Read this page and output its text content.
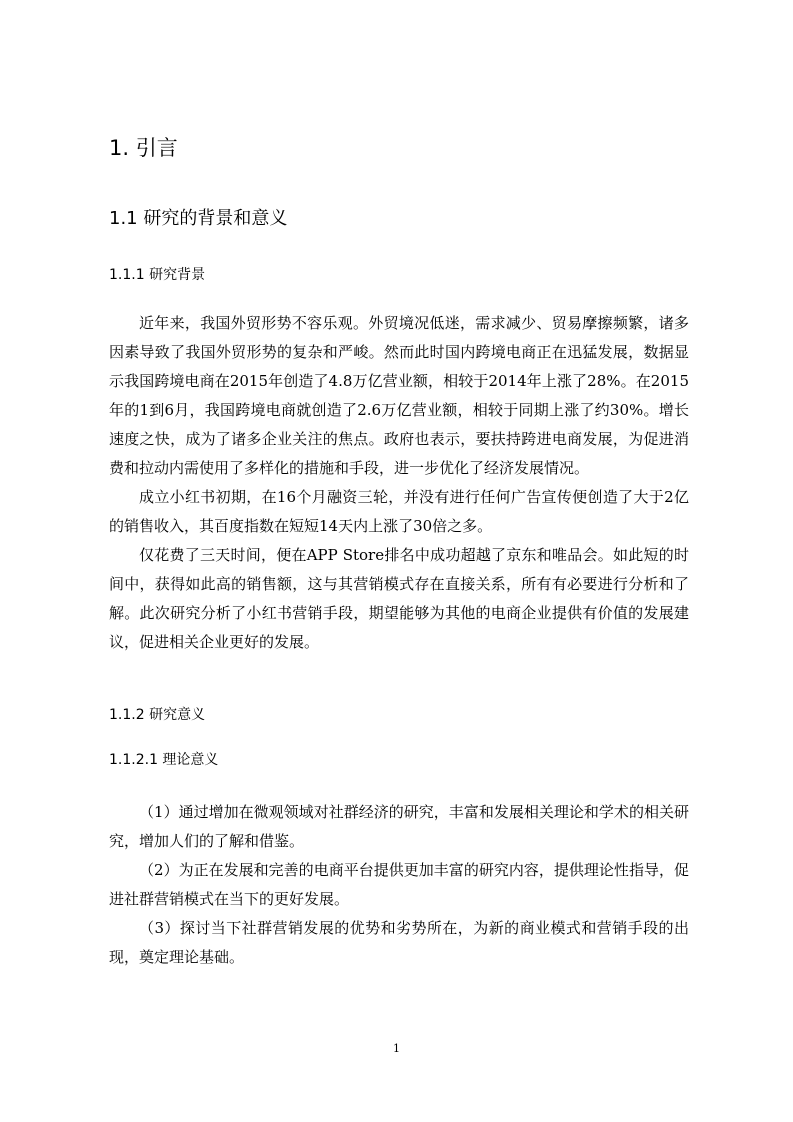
1. 引言
1.1 研究的背景和意义
1.1.1 研究背景

近年来，我国外贸形势不容乐观。外贸境况低迷，需求减少、贸易摩擦频繁，诸多因素导致了我国外贸形势的复杂和严峻。然而此时国内跨境电商正在迅猛发展，数据显示我国跨境电商在2015年创造了4.8万亿营业额，相较于2014年上涨了28%。在2015年的1到6月，我国跨境电商就创造了2.6万亿营业额，相较于同期上涨了约30%。增长速度之快，成为了诸多企业关注的焦点。政府也表示，要扶持跨进电商发展，为促进消费和拉动内需使用了多样化的措施和手段，进一步优化了经济发展情况。

成立小红书初期，在16个月融资三轮，并没有进行任何广告宣传便创造了大于2亿的销售收入，其百度指数在短短14天内上涨了30倍之多。

仅花费了三天时间，便在APP Store排名中成功超越了京东和唯品会。如此短的时间中，获得如此高的销售额，这与其营销模式存在直接关系，所有有必要进行分析和了解。此次研究分析了小红书营销手段，期望能够为其他的电商企业提供有价值的发展建议，促进相关企业更好的发展。

1.1.2 研究意义
1.1.2.1 理论意义

（1）通过增加在微观领域对社群经济的研究，丰富和发展相关理论和学术的相关研究，增加人们的了解和借鉴。

（2）为正在发展和完善的电商平台提供更加丰富的研究内容，提供理论性指导，促进社群营销模式在当下的更好发展。

（3）探讨当下社群营销发展的优势和劣势所在，为新的商业模式和营销手段的出现，奠定理论基础。

1
